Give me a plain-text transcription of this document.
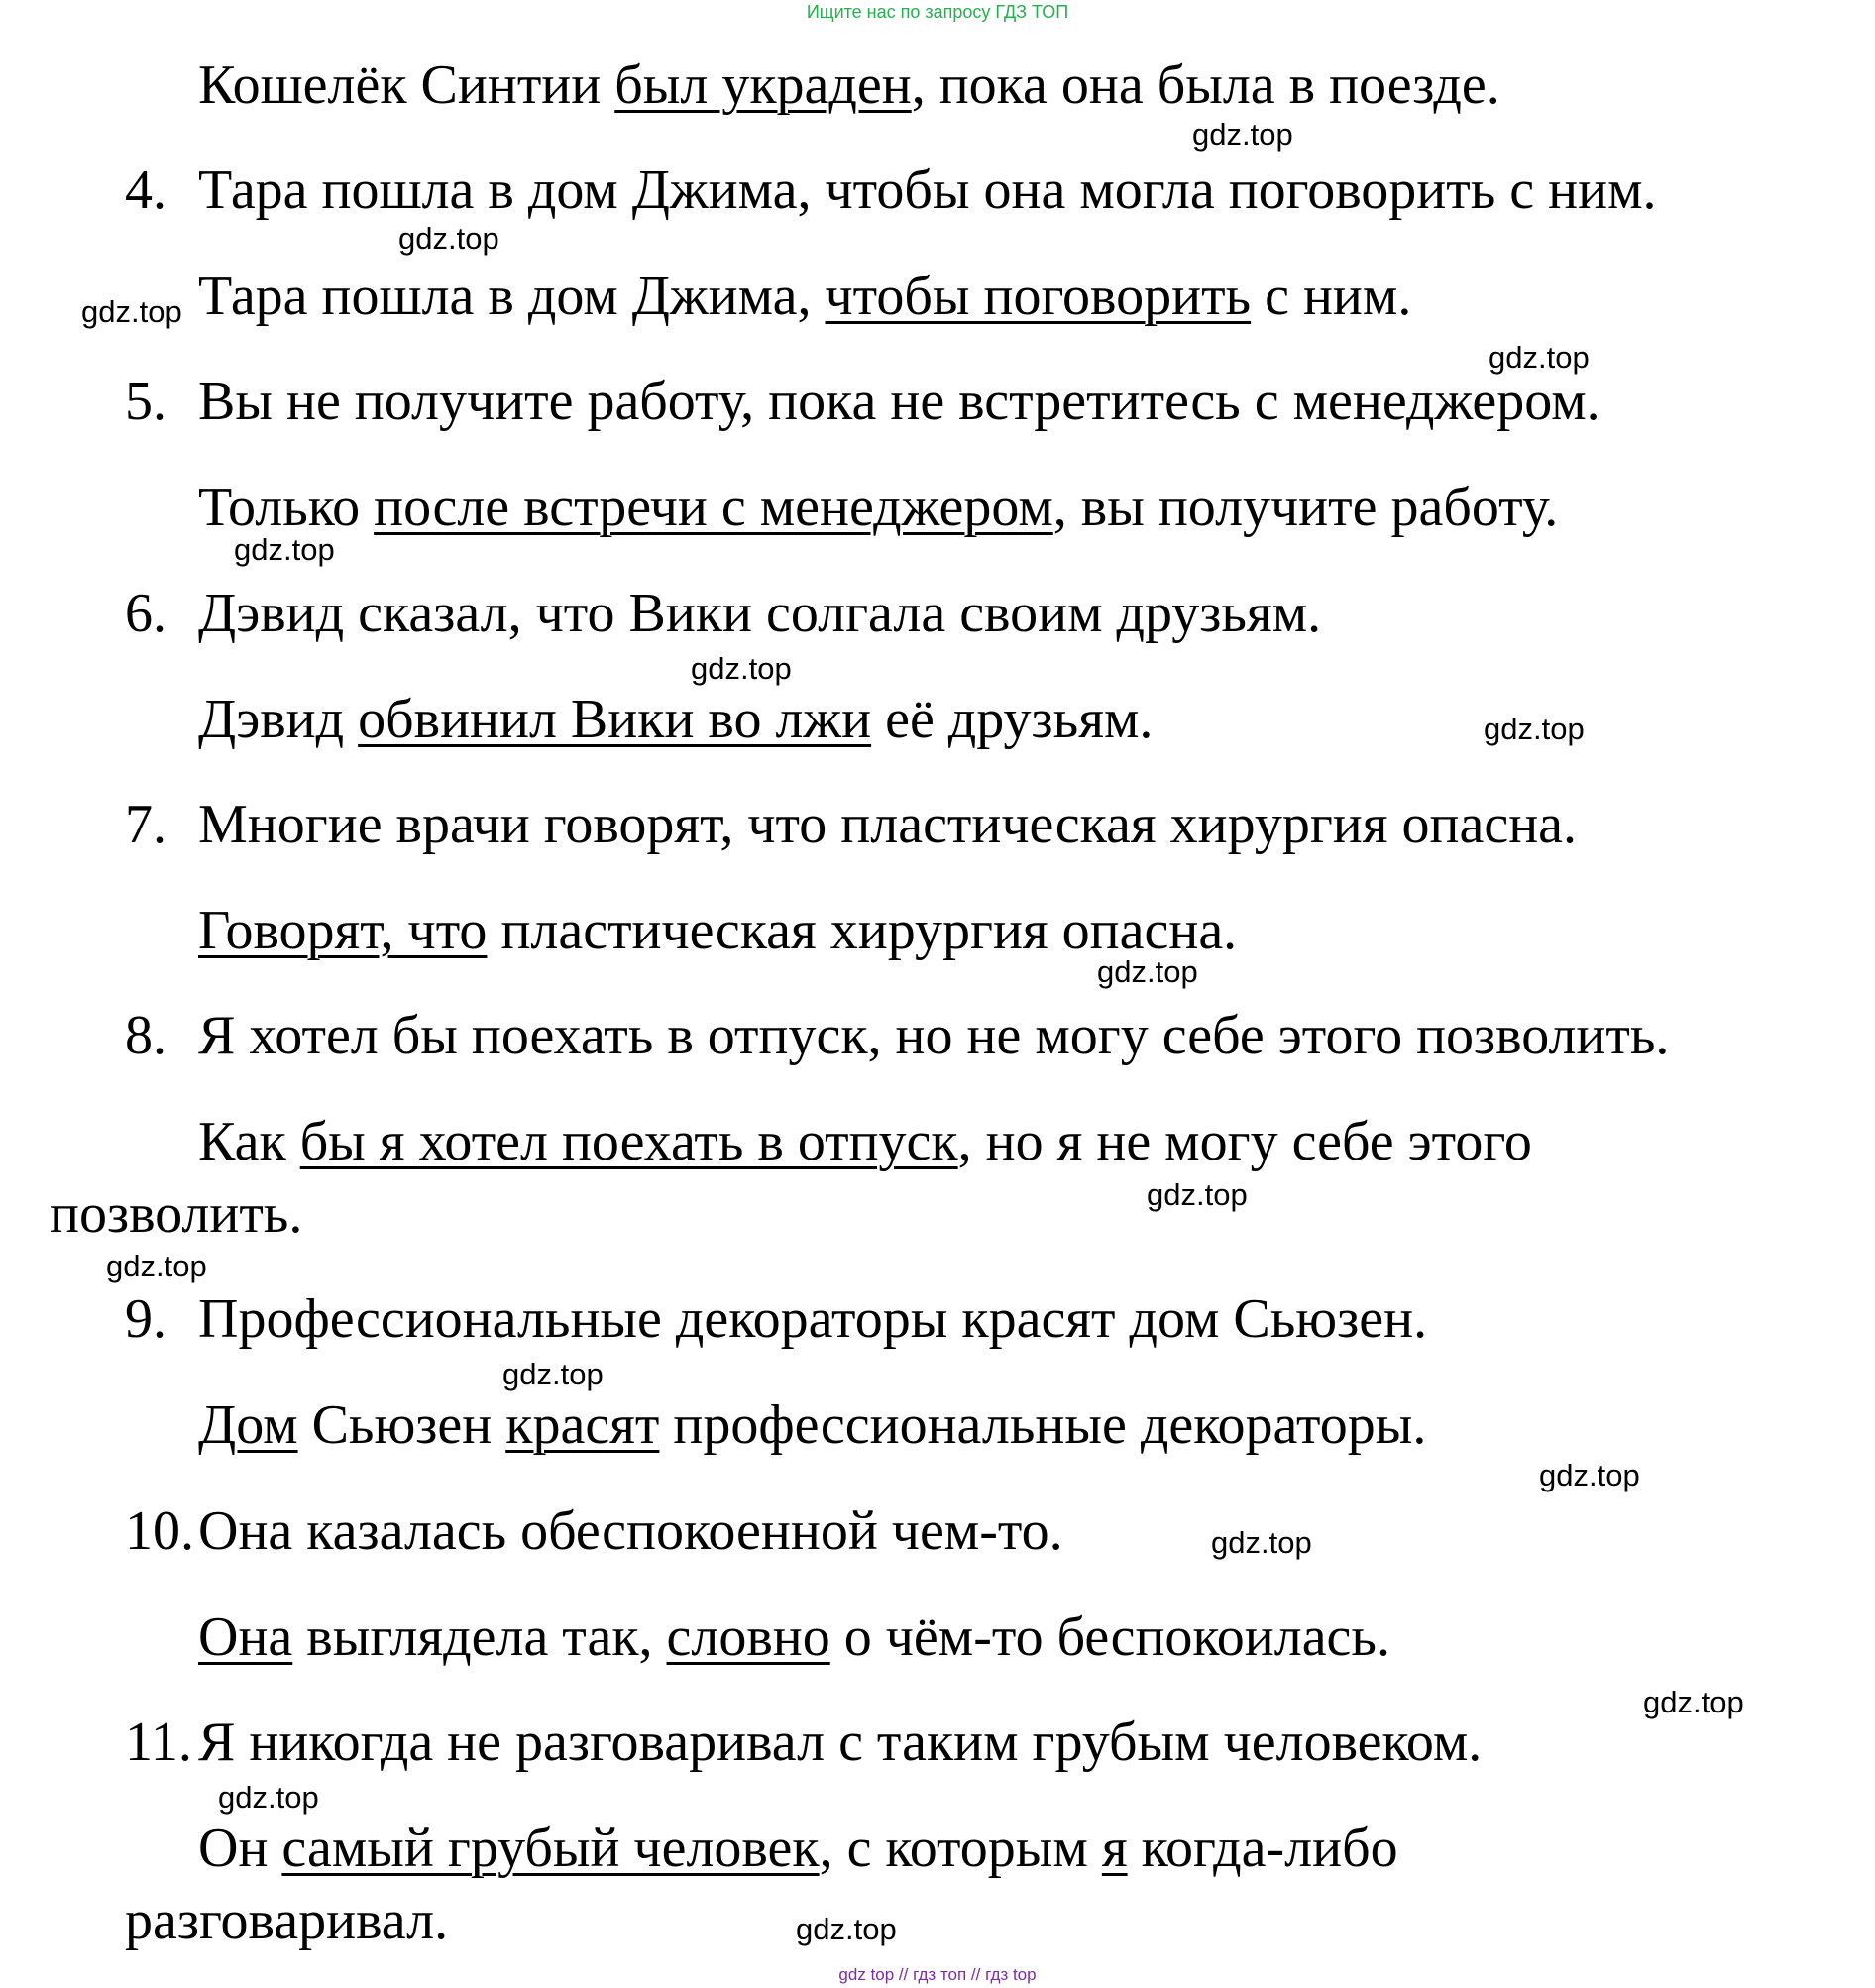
Ищите нас по запросу ГДЗ ТОП
Кошелёк Синтии был украден, пока она была в поезде.
4. Тара пошла в дом Джима, чтобы она могла поговорить с ним.
Тара пошла в дом Джима, чтобы поговорить с ним.
5. Вы не получите работу, пока не встретитесь с менеджером.
Только после встречи с менеджером, вы получите работу.
6. Дэвид сказал, что Вики солгала своим друзьям.
Дэвид обвинил Вики во лжи её друзьям.
7. Многие врачи говорят, что пластическая хирургия опасна.
Говорят, что пластическая хирургия опасна.
8. Я хотел бы поехать в отпуск, но не могу себе этого позволить.
Как бы я хотел поехать в отпуск, но я не могу себе этого
позволить.
9. Профессиональные декораторы красят дом Сьюзен.
Дом Сьюзен красят профессиональные декораторы.
10. Она казалась обеспокоенной чем-то.
Она выглядела так, словно о чём-то беспокоилась.
11. Я никогда не разговаривал с таким грубым человеком.
Он самый грубый человек, с которым я когда-либо
разговаривал.
gdz.top
gdz.top
gdz.top
gdz.top
gdz.top
gdz.top
gdz.top
gdz.top
gdz.top
gdz.top
gdz.top
gdz.top
gdz.top
gdz.top
gdz.top
gdz.top
gdz top // гдз топ // гдз top
